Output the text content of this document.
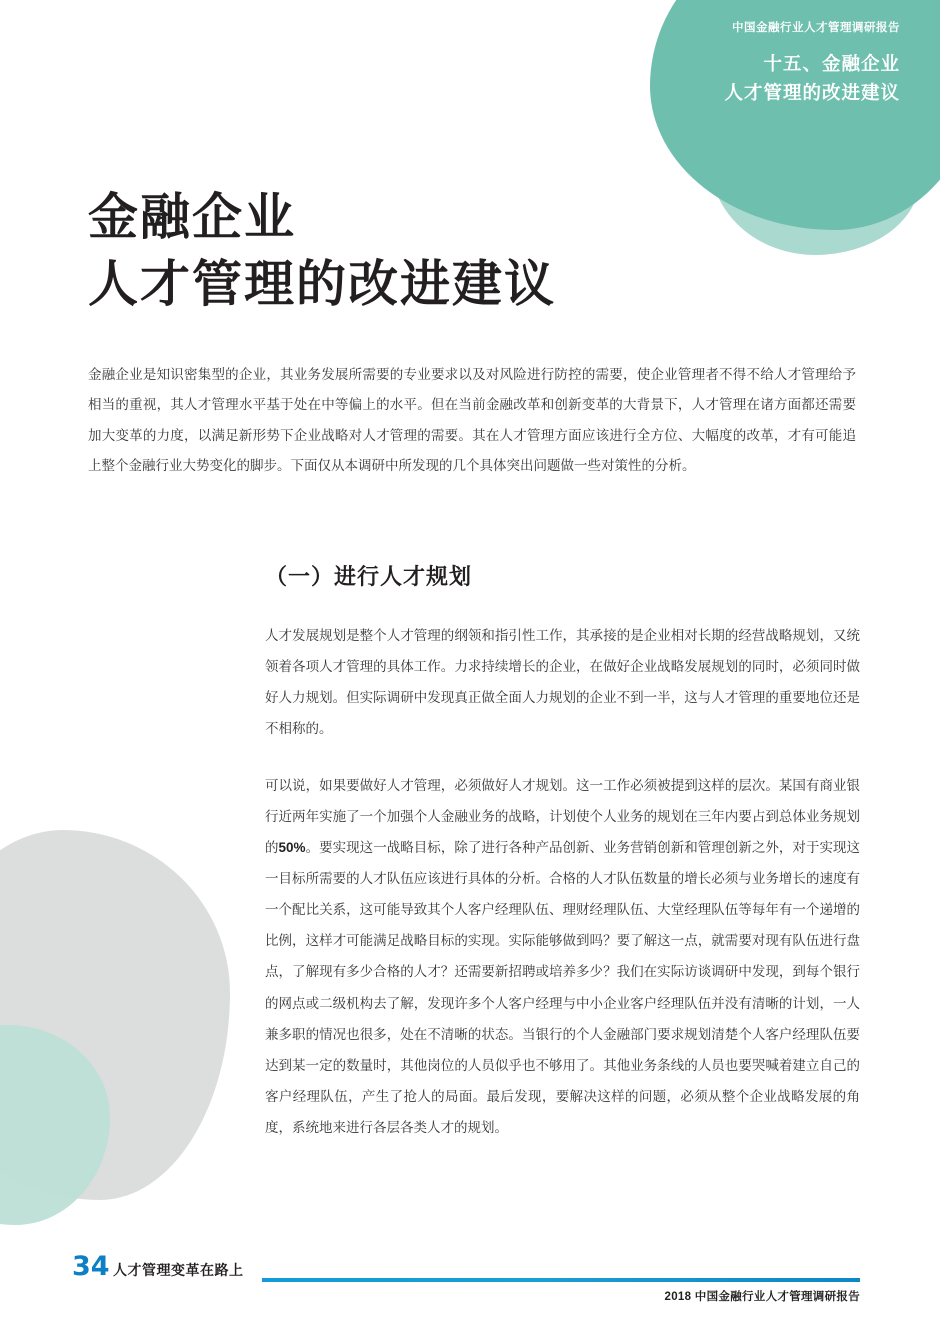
中国金融行业人才管理调研报告
十五、金融企业
人才管理的改进建议
金融企业
人才管理的改进建议
金融企业是知识密集型的企业，其业务发展所需要的专业要求以及对风险进行防控的需要，使企业管理者不得不给人才管理给予相当的重视，其人才管理水平基于处在中等偏上的水平。但在当前金融改革和创新变革的大背景下，人才管理在诸方面都还需要加大变革的力度，以满足新形势下企业战略对人才管理的需要。其在人才管理方面应该进行全方位、大幅度的改革，才有可能追上整个金融行业大势变化的脚步。下面仅从本调研中所发现的几个具体突出问题做一些对策性的分析。
（一）进行人才规划

人才发展规划是整个人才管理的纲领和指引性工作，其承接的是企业相对长期的经营战略规划，又统领着各项人才管理的具体工作。力求持续增长的企业，在做好企业战略发展规划的同时，必须同时做好人力规划。但实际调研中发现真正做全面人力规划的企业不到一半，这与人才管理的重要地位还是不相称的。

可以说，如果要做好人才管理，必须做好人才规划。这一工作必须被提到这样的层次。某国有商业银行近两年实施了一个加强个人金融业务的战略，计划使个人业务的规划在三年内要占到总体业务规划的50%。要实现这一战略目标，除了进行各种产品创新、业务营销创新和管理创新之外，对于实现这一目标所需要的人才队伍应该进行具体的分析。合格的人才队伍数量的增长必须与业务增长的速度有一个配比关系，这可能导致其个人客户经理队伍、理财经理队伍、大堂经理队伍等每年有一个递增的比例，这样才可能满足战略目标的实现。实际能够做到吗？要了解这一点，就需要对现有队伍进行盘点，了解现有多少合格的人才？还需要新招聘或培养多少？我们在实际访谈调研中发现，到每个银行的网点或二级机构去了解，发现许多个人客户经理与中小企业客户经理队伍并没有清晰的计划，一人兼多职的情况也很多，处在不清晰的状态。当银行的个人金融部门要求规划清楚个人客户经理队伍要达到某一定的数量时，其他岗位的人员似乎也不够用了。其他业务条线的人员也要哭喊着建立自己的客户经理队伍，产生了抢人的局面。最后发现，要解决这样的问题，必须从整个企业战略发展的角度，系统地来进行各层各类人才的规划。

34 人才管理变革在路上
2018 中国金融行业人才管理调研报告
